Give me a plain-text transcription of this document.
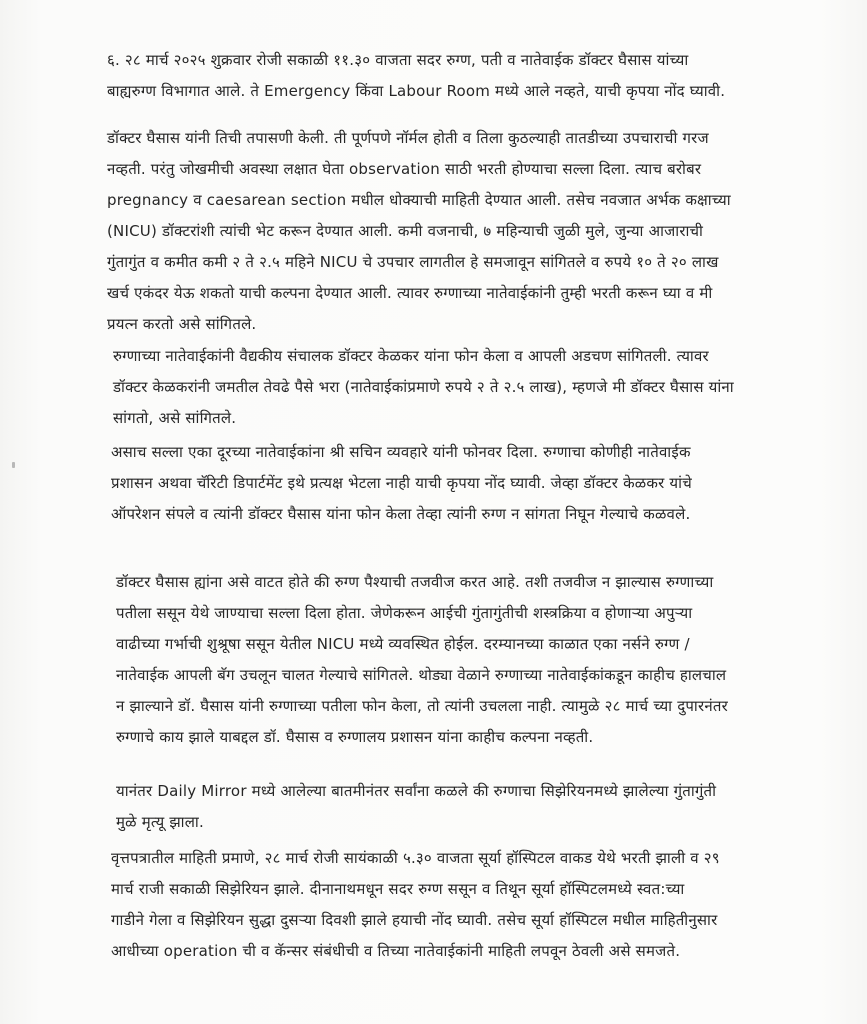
६. २८ मार्च २०२५ शुक्रवार रोजी सकाळी ११.३० वाजता सदर रुग्ण, पती व नातेवाईक डॉक्टर घैसास यांच्या
बाह्यरुग्ण विभागात आले. ते Emergency किंवा Labour Room मध्ये आले नव्हते, याची कृपया नोंद घ्यावी.
डॉक्टर घैसास यांनी तिची तपासणी केली. ती पूर्णपणे नॉर्मल होती व तिला कुठल्याही तातडीच्या उपचाराची गरज
नव्हती. परंतु जोखमीची अवस्था लक्षात घेता observation साठी भरती होण्याचा सल्ला दिला. त्याच बरोबर
pregnancy व caesarean section मधील धोक्याची माहिती देण्यात आली. तसेच नवजात अर्भक कक्षाच्या
(NICU) डॉक्टरांशी त्यांची भेट करून देण्यात आली. कमी वजनाची, ७ महिन्याची जुळी मुले, जुन्या आजाराची
गुंतागुंत व कमीत कमी २ ते २.५ महिने NICU चे उपचार लागतील हे समजावून सांगितले व रुपये १० ते २० लाख
खर्च एकंदर येऊ शकतो याची कल्पना देण्यात आली. त्यावर रुग्णाच्या नातेवाईकांनी तुम्ही भरती करून घ्या व मी
प्रयत्न करतो असे सांगितले.
रुग्णाच्या नातेवाईकांनी वैद्यकीय संचालक डॉक्टर केळकर यांना फोन केला व आपली अडचण सांगितली. त्यावर
डॉक्टर केळकरांनी जमतील तेवढे पैसे भरा (नातेवाईकांप्रमाणे रुपये २ ते २.५ लाख), म्हणजे मी डॉक्टर घैसास यांना
सांगतो, असे सांगितले.
असाच सल्ला एका दूरच्या नातेवाईकांना श्री सचिन व्यवहारे यांनी फोनवर दिला. रुग्णाचा कोणीही नातेवाईक
प्रशासन अथवा चॅरिटी डिपार्टमेंट इथे प्रत्यक्ष भेटला नाही याची कृपया नोंद घ्यावी. जेव्हा डॉक्टर केळकर यांचे
ऑपरेशन संपले व त्यांनी डॉक्टर घैसास यांना फोन केला तेव्हा त्यांनी रुग्ण न सांगता निघून गेल्याचे कळवले.
डॉक्टर घैसास ह्यांना असे वाटत होते की रुग्ण पैश्याची तजवीज करत आहे. तशी तजवीज न झाल्यास रुग्णाच्या
पतीला ससून येथे जाण्याचा सल्ला दिला होता. जेणेकरून आईची गुंतागुंतीची शस्त्रक्रिया व होणाऱ्या अपुऱ्या
वाढीच्या गर्भाची शुश्रूषा ससून येतील NICU मध्ये व्यवस्थित होईल. दरम्यानच्या काळात एका नर्सने रुग्ण /
नातेवाईक आपली बॅग उचलून चालत गेल्याचे सांगितले. थोड्या वेळाने रुग्णाच्या नातेवाईकांकडून काहीच हालचाल
न झाल्याने डॉ. घैसास यांनी रुग्णाच्या पतीला फोन केला, तो त्यांनी उचलला नाही. त्यामुळे २८ मार्च च्या दुपारनंतर
रुग्णाचे काय झाले याबद्दल डॉ. घैसास व रुग्णालय प्रशासन यांना काहीच कल्पना नव्हती.
यानंतर Daily Mirror मध्ये आलेल्या बातमीनंतर सर्वांना कळले की रुग्णाचा सिझेरियनमध्ये झालेल्या गुंतागुंती
मुळे मृत्यू झाला.
वृत्तपत्रातील माहिती प्रमाणे, २८ मार्च रोजी सायंकाळी ५.३० वाजता सूर्या हॉस्पिटल वाकड येथे भरती झाली व २९
मार्च राजी सकाळी सिझेरियन झाले. दीनानाथमधून सदर रुग्ण ससून व तिथून सूर्या हॉस्पिटलमध्ये स्वत:च्या
गाडीने गेला व सिझेरियन सुद्धा दुसऱ्या दिवशी झाले हयाची नोंद घ्यावी. तसेच सूर्या हॉस्पिटल मधील माहितीनुसार
आधीच्या operation ची व कॅन्सर संबंधीची व तिच्या नातेवाईकांनी माहिती लपवून ठेवली असे समजते.
